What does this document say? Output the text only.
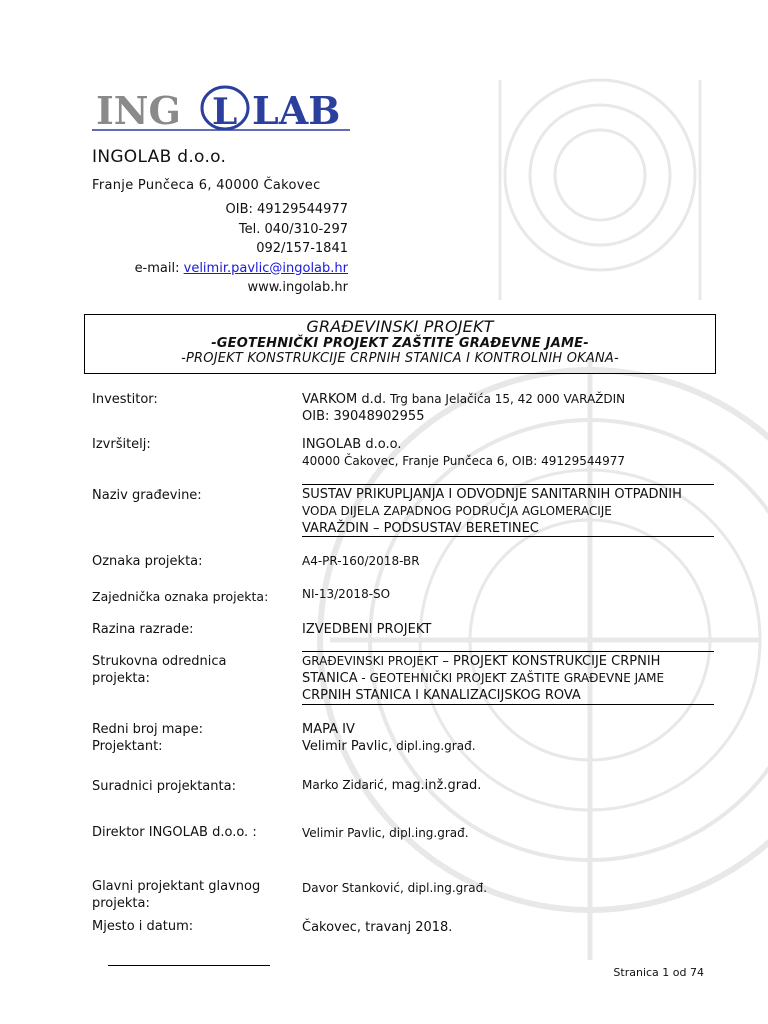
ING L LAB
INGOLAB d.o.o.
Franje Punčeca 6, 40000 Čakovec
OIB: 49129544977
Tel. 040/310-297
092/157-1841
e-mail: velimir.pavlic@ingolab.hr
www.ingolab.hr
GRAĐEVINSKI PROJEKT
-GEOTEHNIČKI PROJEKT ZAŠTITE GRAĐEVNE JAME-
-PROJEKT KONSTRUKCIJE CRPNIH STANICA I KONTROLNIH OKANA-
Investitor:	VARKOM d.d. Trg bana Jelačića 15, 42 000 VARAŽDIN
OIB: 39048902955
Izvršitelj:	INGOLAB d.o.o.
40000 Čakovec, Franje Punčeca 6, OIB: 49129544977
Naziv građevine:	SUSTAV PRIKUPLJANJA I ODVODNJE SANITARNIH OTPADNIH
VODA DIJELA ZAPADNOG PODRUČJA AGLOMERACIJE
VARAŽDIN – PODSUSTAV BERETINEC
Oznaka projekta:	A4-PR-160/2018-BR
Zajednička oznaka projekta:	NI-13/2018-SO
Razina razrade:	IZVEDBENI PROJEKT
Strukovna odrednica projekta:
GRAĐEVINSKI PROJEKT – PROJEKT KONSTRUKCIJE CRPNIH
STANICA - GEOTEHNIČKI PROJEKT ZAŠTITE GRAĐEVNE JAME
CRPNIH STANICA I KANALIZACIJSKOG ROVA
Redni broj mape:	MAPA IV
Projektant:	Velimir Pavlic, dipl.ing.građ.
Suradnici projektanta:	Marko Zidarić, mag.inž.grad.
Direktor INGOLAB d.o.o. :	Velimir Pavlic, dipl.ing.građ.
Glavni projektant glavnog projekta:
Davor Stanković, dipl.ing.građ.
Mjesto i datum:	Čakovec, travanj 2018.
Stranica 1 od 74
